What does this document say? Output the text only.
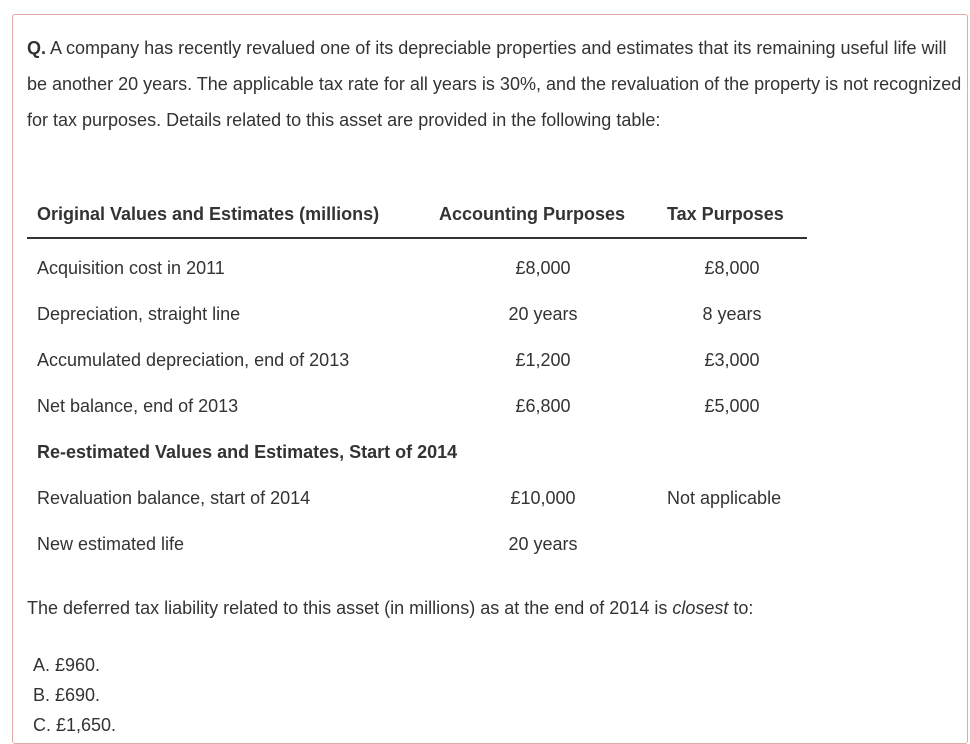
Q. A company has recently revalued one of its depreciable properties and estimates that its remaining useful life will be another 20 years. The applicable tax rate for all years is 30%, and the revaluation of the property is not recognized for tax purposes. Details related to this asset are provided in the following table:

Original Values and Estimates (millions)	Accounting Purposes	Tax Purposes
Acquisition cost in 2011	£8,000	£8,000
Depreciation, straight line	20 years	8 years
Accumulated depreciation, end of 2013	£1,200	£3,000
Net balance, end of 2013	£6,800	£5,000
Re-estimated Values and Estimates, Start of 2014		
Revaluation balance, start of 2014	£10,000	Not applicable
New estimated life	20 years	

The deferred tax liability related to this asset (in millions) as at the end of 2014 is closest to:

A. £960.
B. £690.
C. £1,650.
